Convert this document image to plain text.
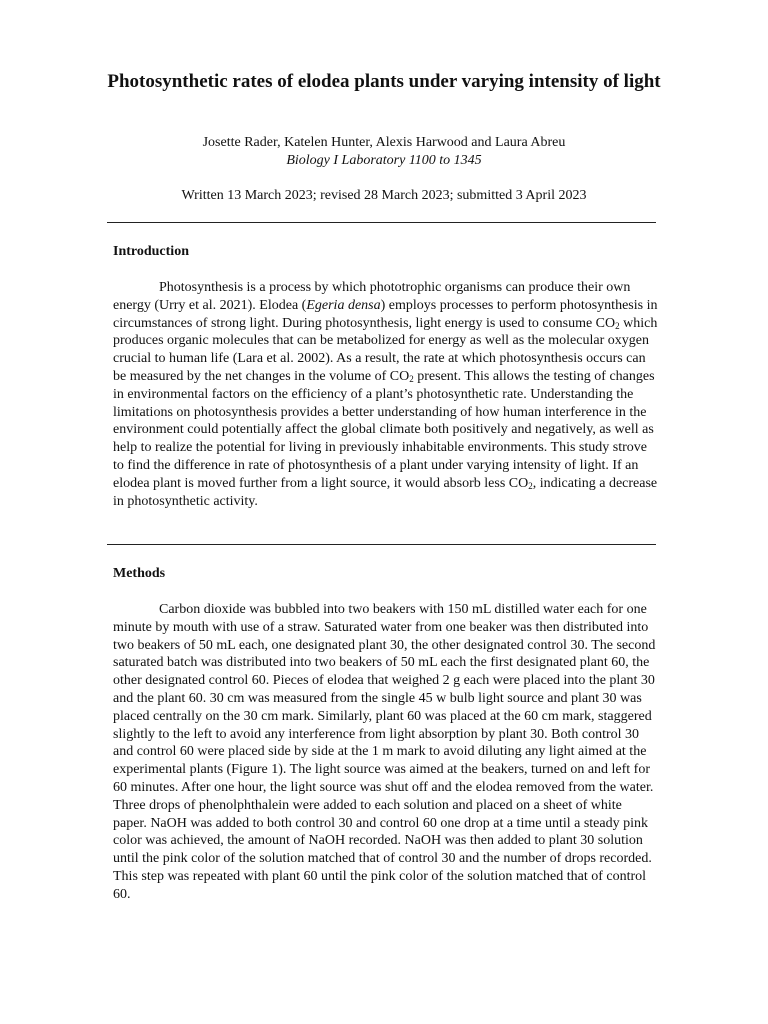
Photosynthetic rates of elodea plants under varying intensity of light
Josette Rader, Katelen Hunter, Alexis Harwood and Laura Abreu
Biology I Laboratory 1100 to 1345
Written 13 March 2023; revised 28 March 2023; submitted 3 April 2023
Introduction

Photosynthesis is a process by which phototrophic organisms can produce their own energy (Urry et al. 2021). Elodea (Egeria densa) employs processes to perform photosynthesis in circumstances of strong light. During photosynthesis, light energy is used to consume $CO_2$ which produces organic molecules that can be metabolized for energy as well as the molecular oxygen crucial to human life (Lara et al. 2002). As a result, the rate at which photosynthesis occurs can be measured by the net changes in the volume of $CO_2$ present. This allows the testing of changes in environmental factors on the efficiency of a plant’s photosynthetic rate. Understanding the limitations on photosynthesis provides a better understanding of how human interference in the environment could potentially affect the global climate both positively and negatively, as well as help to realize the potential for living in previously inhabitable environments. This study strove to find the difference in rate of photosynthesis of a plant under varying intensity of light. If an elodea plant is moved further from a light source, it would absorb less $CO_2$, indicating a decrease in photosynthetic activity.

Methods

Carbon dioxide was bubbled into two beakers with 150 mL distilled water each for one minute by mouth with use of a straw. Saturated water from one beaker was then distributed into two beakers of 50 mL each, one designated plant 30, the other designated control 30. The second saturated batch was distributed into two beakers of 50 mL each the first designated plant 60, the other designated control 60. Pieces of elodea that weighed 2 g each were placed into the plant 30 and the plant 60. 30 cm was measured from the single 45 w bulb light source and plant 30 was placed centrally on the 30 cm mark. Similarly, plant 60 was placed at the 60 cm mark, staggered slightly to the left to avoid any interference from light absorption by plant 30. Both control 30 and control 60 were placed side by side at the 1 m mark to avoid diluting any light aimed at the experimental plants (Figure 1). The light source was aimed at the beakers, turned on and left for 60 minutes. After one hour, the light source was shut off and the elodea removed from the water. Three drops of phenolphthalein were added to each solution and placed on a sheet of white paper. NaOH was added to both control 30 and control 60 one drop at a time until a steady pink color was achieved, the amount of NaOH recorded. NaOH was then added to plant 30 solution until the pink color of the solution matched that of control 30 and the number of drops recorded. This step was repeated with plant 60 until the pink color of the solution matched that of control 60.
